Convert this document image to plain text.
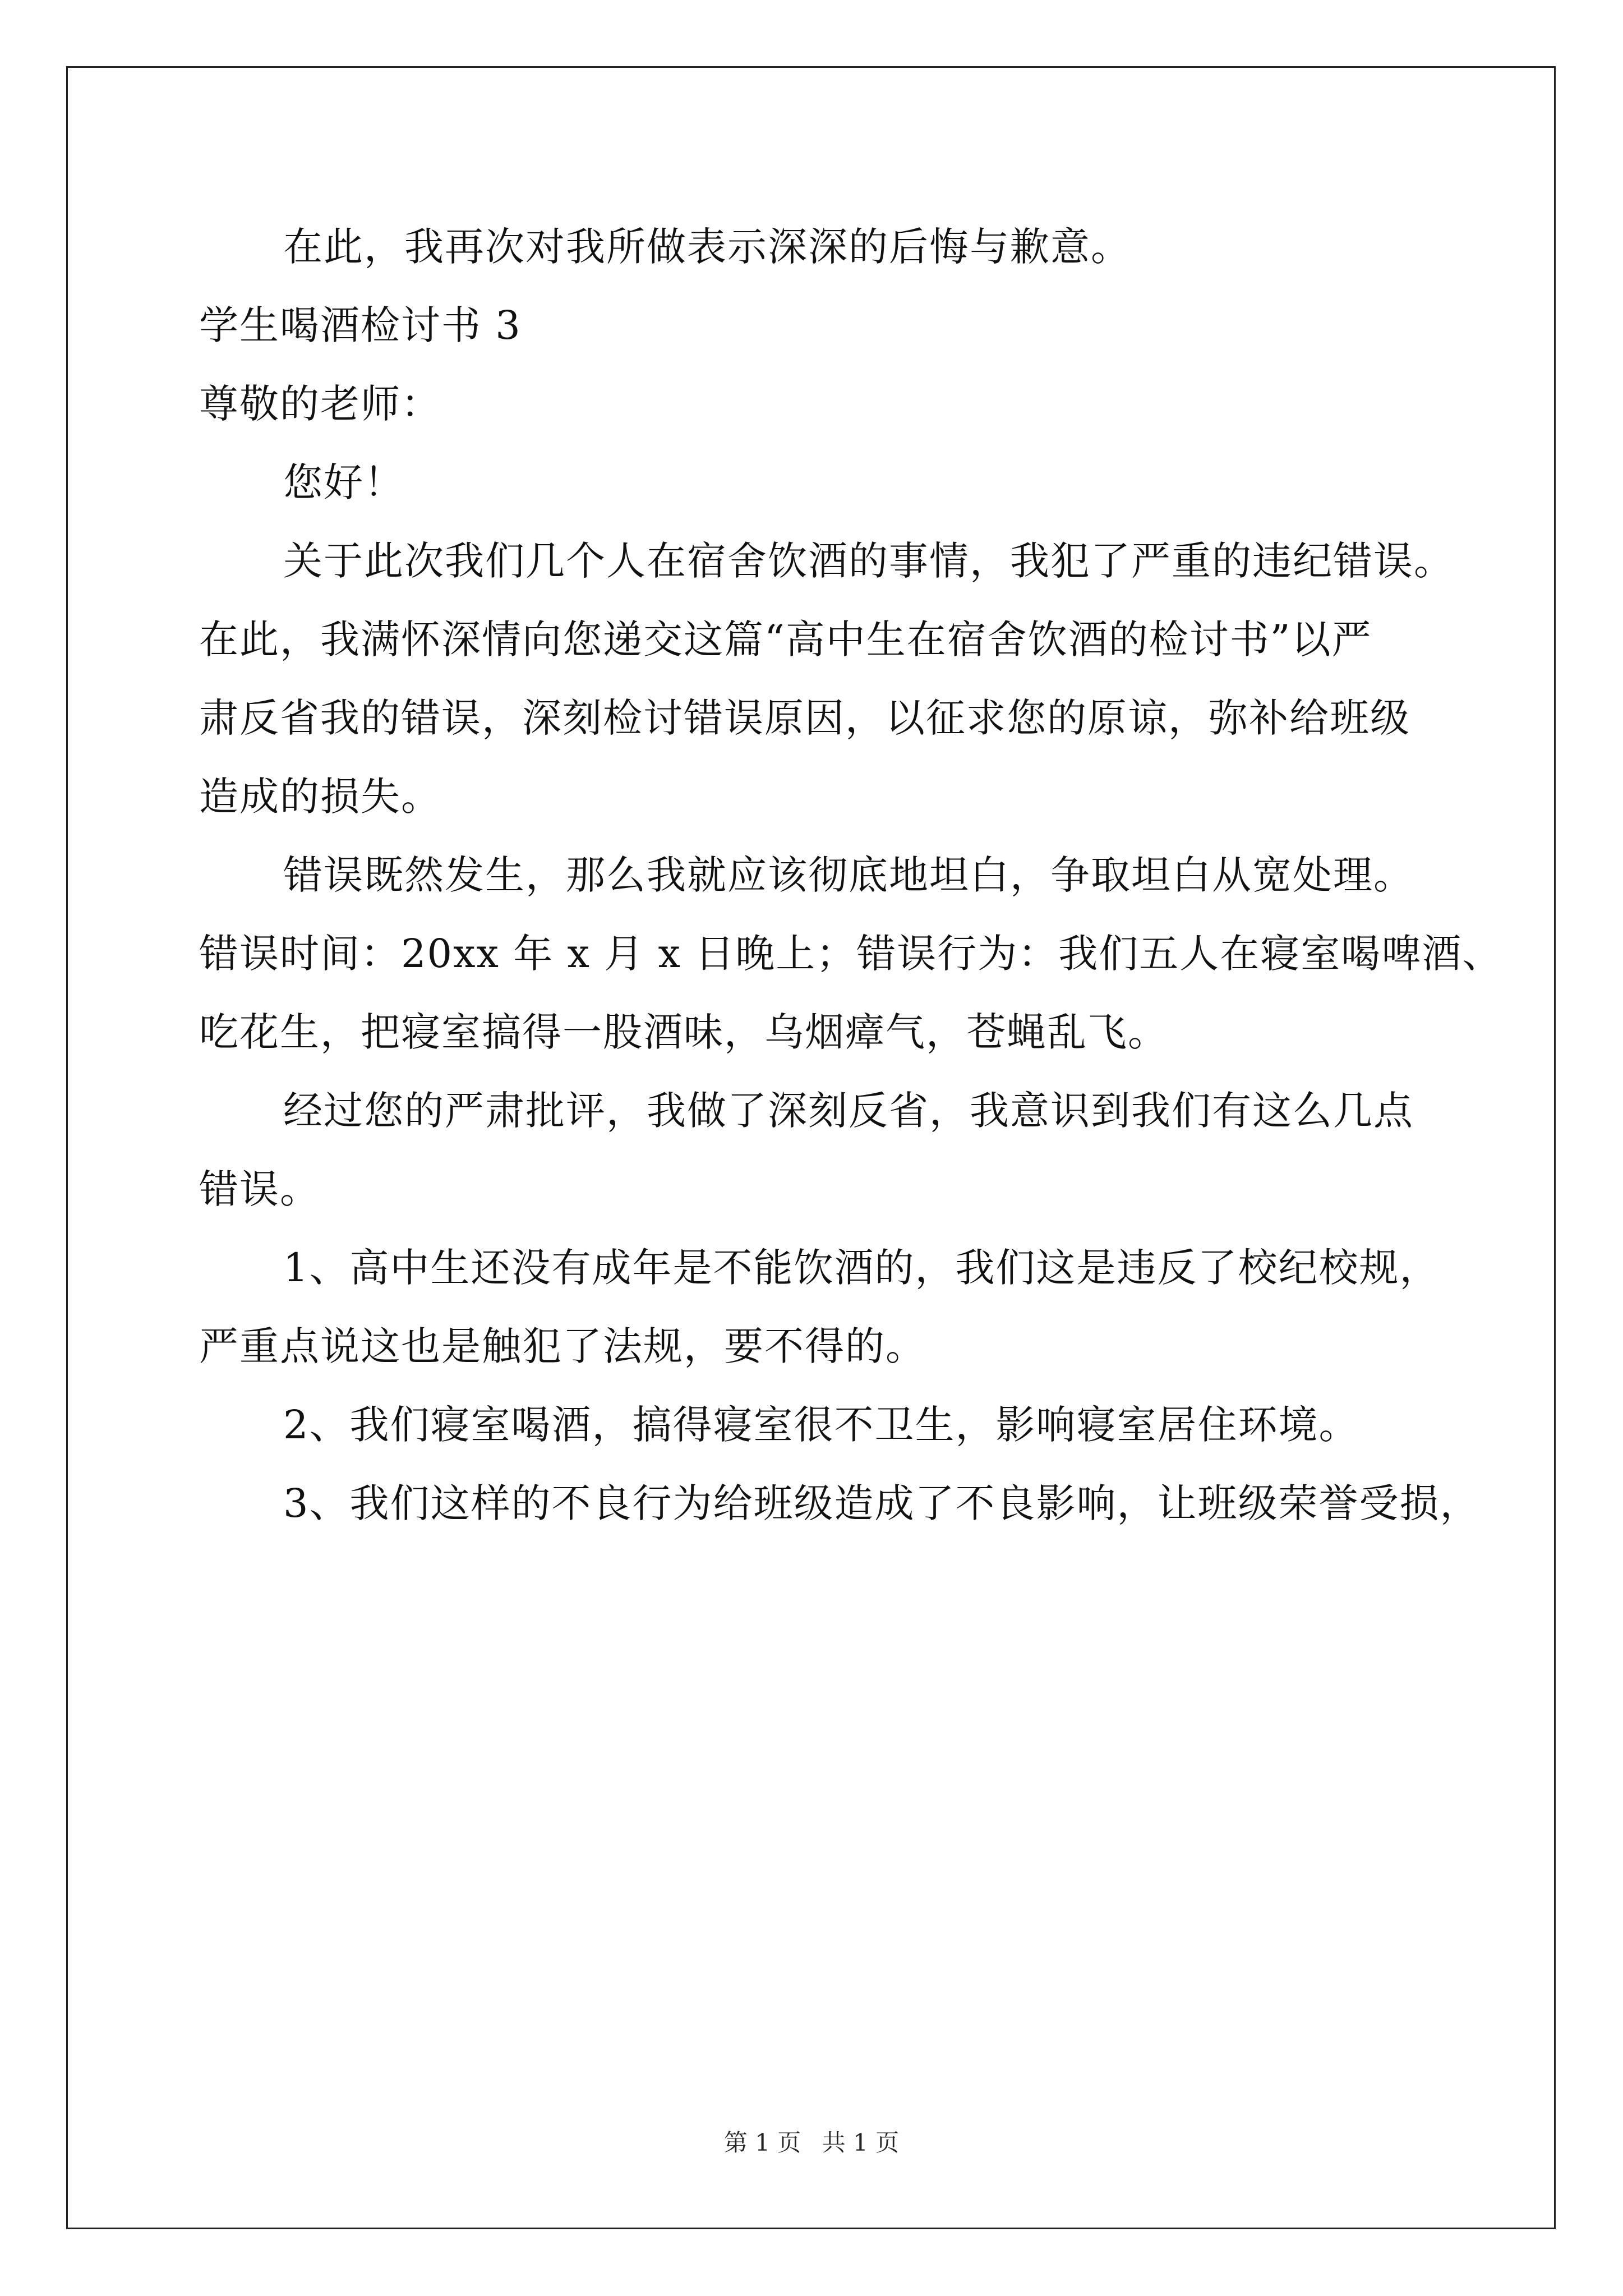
在此，我再次对我所做表示深深的后悔与歉意。
学生喝酒检讨书 3
尊敬的老师：
您好！
关于此次我们几个人在宿舍饮酒的事情，我犯了严重的违纪错误。
在此，我满怀深情向您递交这篇“高中生在宿舍饮酒的检讨书”以严
肃反省我的错误，深刻检讨错误原因，以征求您的原谅，弥补给班级
造成的损失。
错误既然发生，那么我就应该彻底地坦白，争取坦白从宽处理。
错误时间：20xx 年 x 月 x 日晚上；错误行为：我们五人在寝室喝啤酒、
吃花生，把寝室搞得一股酒味，乌烟瘴气，苍蝇乱飞。
经过您的严肃批评，我做了深刻反省，我意识到我们有这么几点
错误。
1、高中生还没有成年是不能饮酒的，我们这是违反了校纪校规，
严重点说这也是触犯了法规，要不得的。
2、我们寝室喝酒，搞得寝室很不卫生，影响寝室居住环境。
3、我们这样的不良行为给班级造成了不良影响，让班级荣誉受损，
第 1 页 共 1 页
